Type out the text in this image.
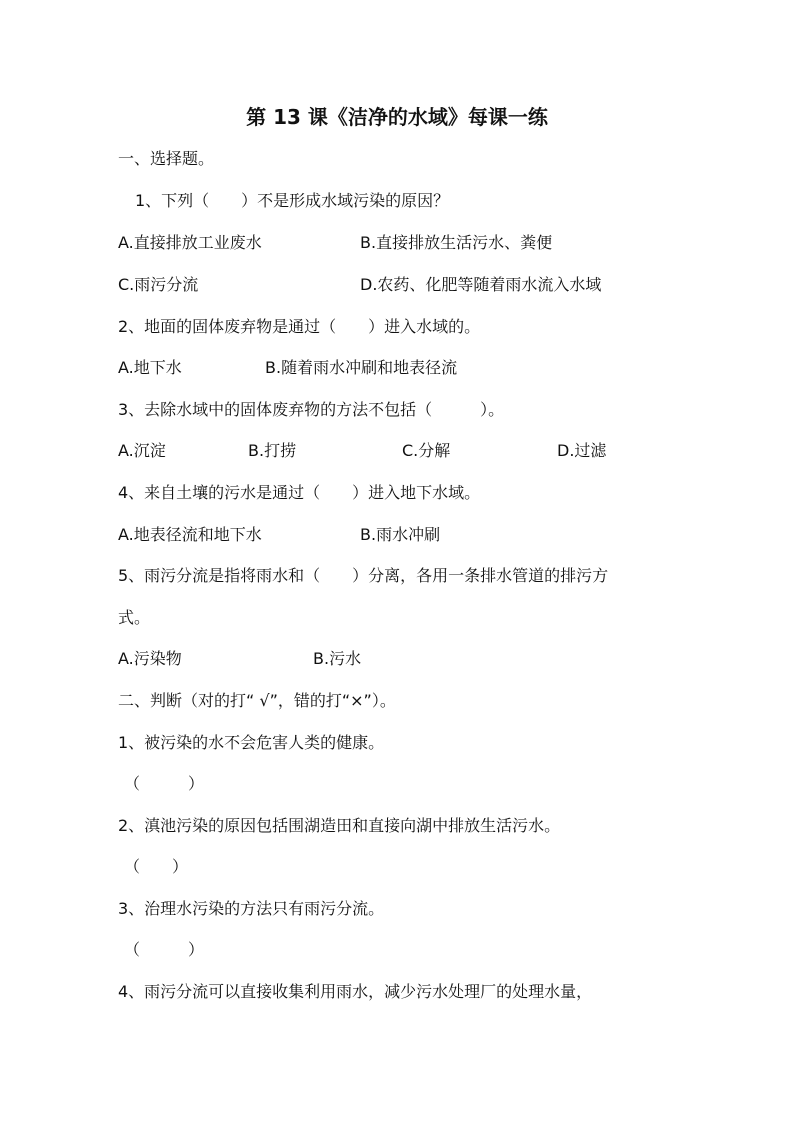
第 13 课《洁净的水域》每课一练
一、选择题。
1、下列（　　）不是形成水域污染的原因？
A.直接排放工业废水	B.直接排放生活污水、粪便
C.雨污分流	D.农药、化肥等随着雨水流入水域
2、地面的固体废弃物是通过（　　）进入水域的。
A.地下水	B.随着雨水冲刷和地表径流
3、去除水域中的固体废弃物的方法不包括（　　　）。
A.沉淀	B.打捞	C.分解	D.过滤
4、来自土壤的污水是通过（　　）进入地下水域。
A.地表径流和地下水	B.雨水冲刷
5、雨污分流是指将雨水和（　　）分离，各用一条排水管道的排污方
式。
A.污染物	B.污水
二、判断（对的打“ √”，错的打“×”）。
1、被污染的水不会危害人类的健康。
（　　　）
2、滇池污染的原因包括围湖造田和直接向湖中排放生活污水。
（　　）
3、治理水污染的方法只有雨污分流。
（　　　）
4、雨污分流可以直接收集利用雨水，减少污水处理厂的处理水量，
